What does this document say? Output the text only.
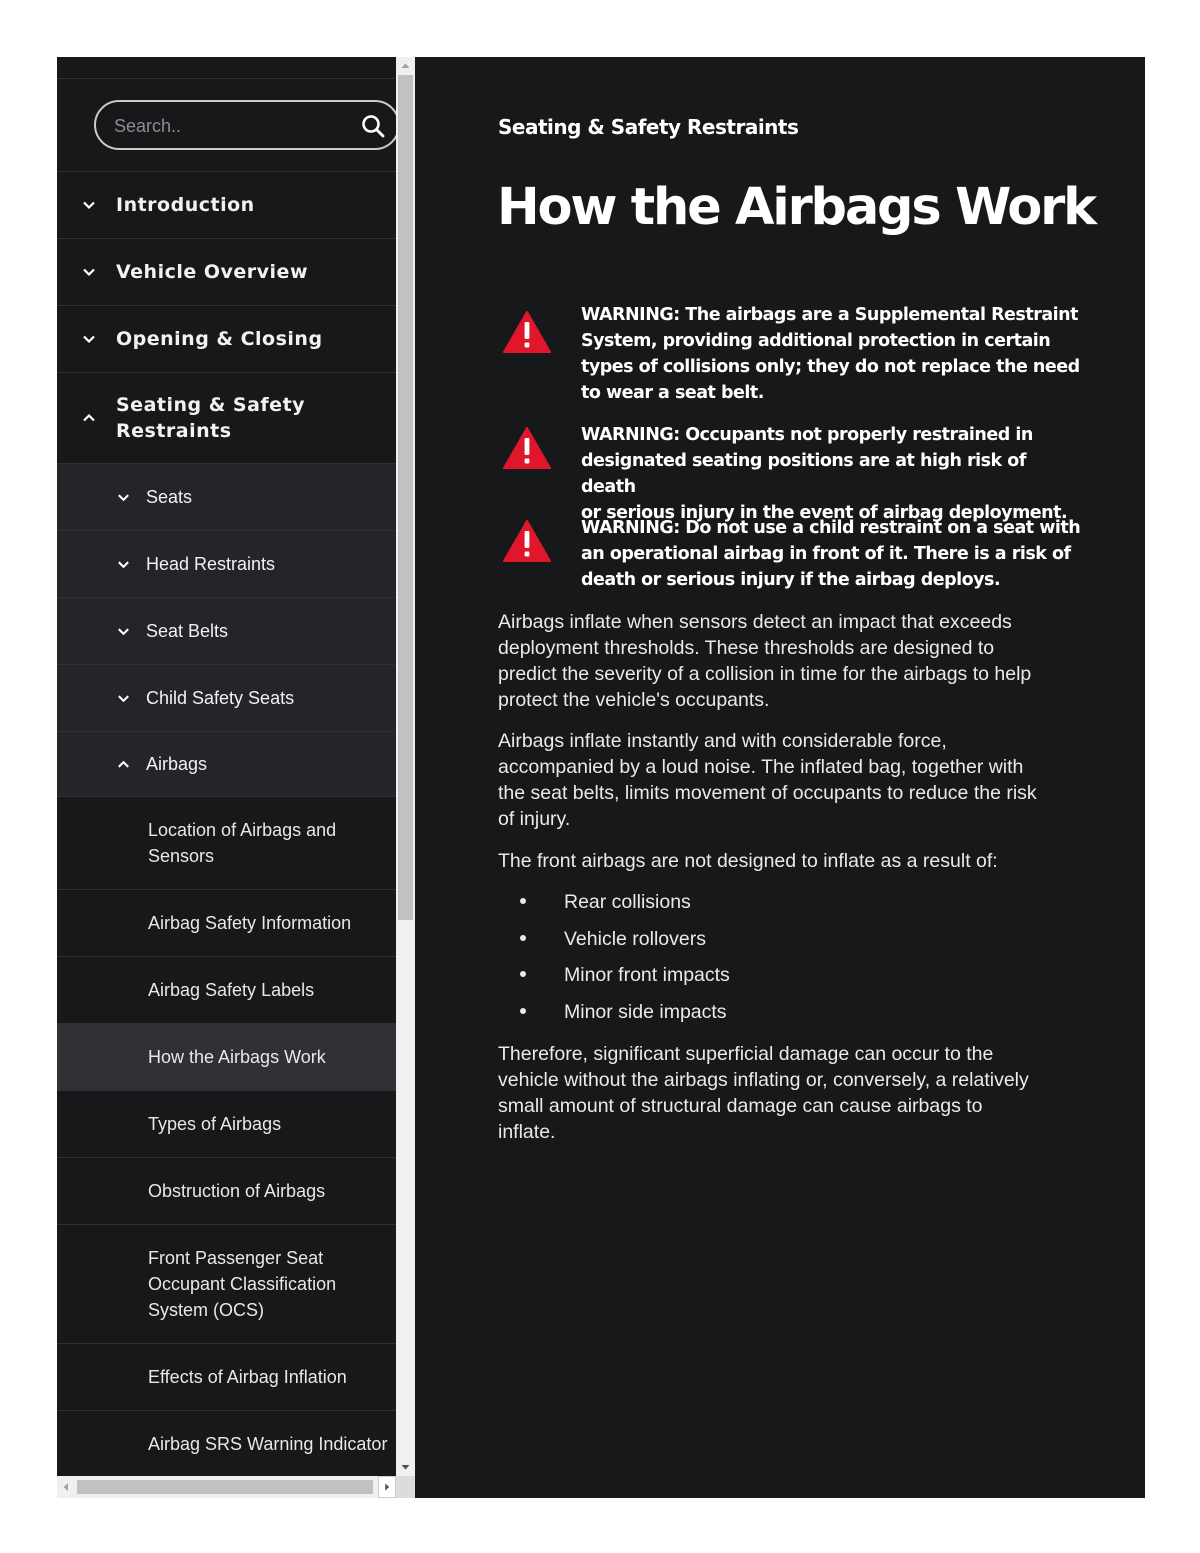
Search..
Introduction
Vehicle Overview
Opening & Closing
Seating & Safety
Restraints
Seats
Head Restraints
Seat Belts
Child Safety Seats
Airbags
Location of Airbags and
Sensors
Airbag Safety Information
Airbag Safety Labels
How the Airbags Work
Types of Airbags
Obstruction of Airbags
Front Passenger Seat
Occupant Classification
System (OCS)
Effects of Airbag Inflation
Airbag SRS Warning Indicator
Seating & Safety Restraints
How the Airbags Work
WARNING: The airbags are a Supplemental Restraint
System, providing additional protection in certain
types of collisions only; they do not replace the need
to wear a seat belt.
WARNING: Occupants not properly restrained in
designated seating positions are at high risk of death
or serious injury in the event of airbag deployment.
WARNING: Do not use a child restraint on a seat with
an operational airbag in front of it. There is a risk of
death or serious injury if the airbag deploys.

Airbags inflate when sensors detect an impact that exceeds
deployment thresholds. These thresholds are designed to
predict the severity of a collision in time for the airbags to help
protect the vehicle's occupants.

Airbags inflate instantly and with considerable force,
accompanied by a loud noise. The inflated bag, together with
the seat belts, limits movement of occupants to reduce the risk
of injury.

The front airbags are not designed to inflate as a result of:

Rear collisions
Vehicle rollovers
Minor front impacts
Minor side impacts

Therefore, significant superficial damage can occur to the
vehicle without the airbags inflating or, conversely, a relatively
small amount of structural damage can cause airbags to
inflate.
